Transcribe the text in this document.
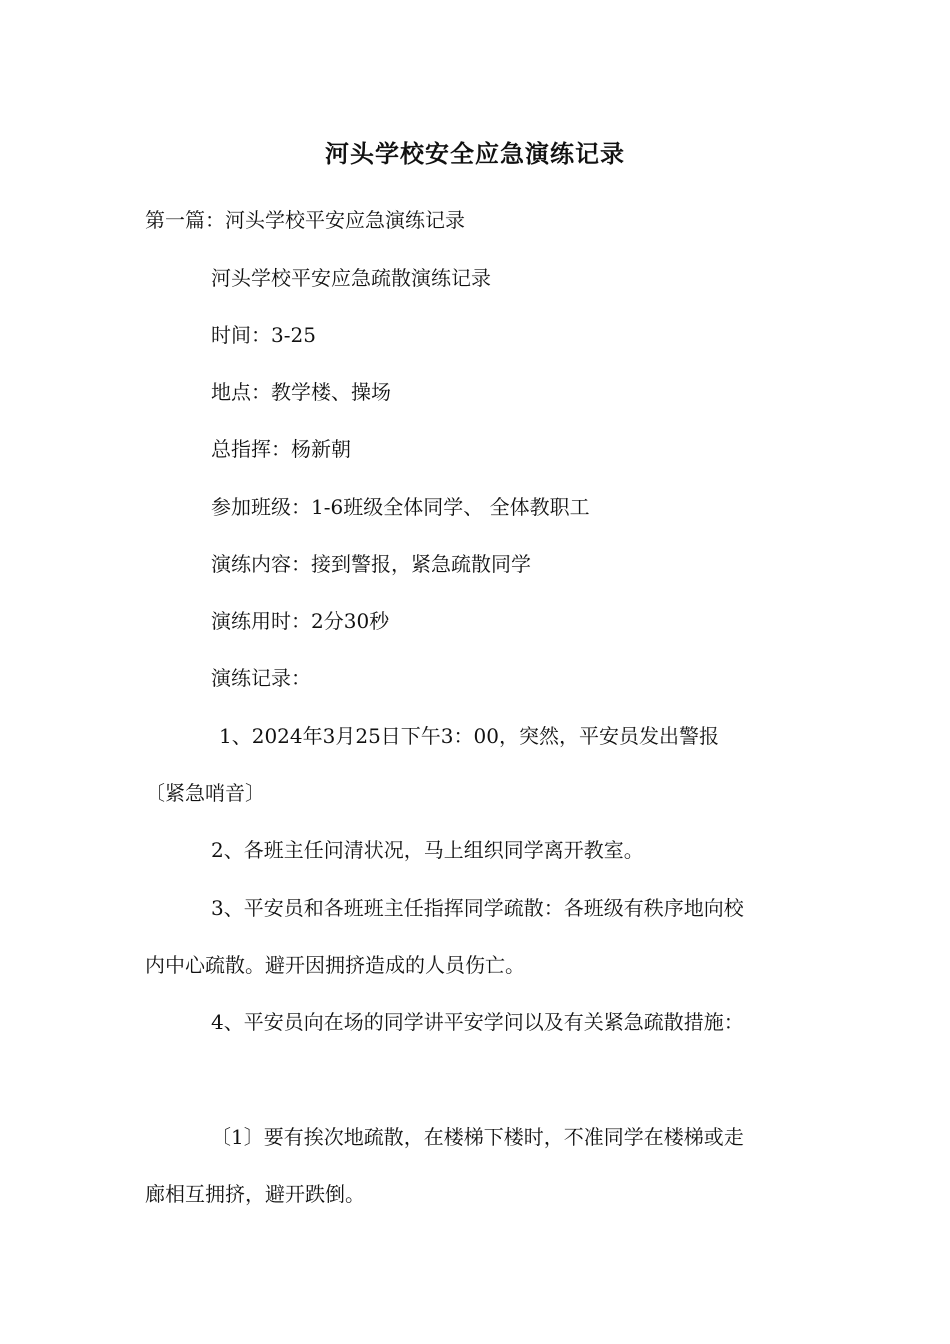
河头学校安全应急演练记录
第一篇：河头学校平安应急演练记录
河头学校平安应急疏散演练记录
时间：3-25
地点：教学楼、操场
总指挥：杨新朝
参加班级：1-6班级全体同学、 全体教职工
演练内容：接到警报，紧急疏散同学
演练用时：2分30秒
演练记录：
1、2024年3月25日下午3：00，突然，平安员发出警报
〔紧急哨音〕
2、各班主任问清状况，马上组织同学离开教室。
3、平安员和各班班主任指挥同学疏散：各班级有秩序地向校
内中心疏散。避开因拥挤造成的人员伤亡。
4、平安员向在场的同学讲平安学问以及有关紧急疏散措施：
〔1〕要有挨次地疏散，在楼梯下楼时，不准同学在楼梯或走
廊相互拥挤，避开跌倒。
